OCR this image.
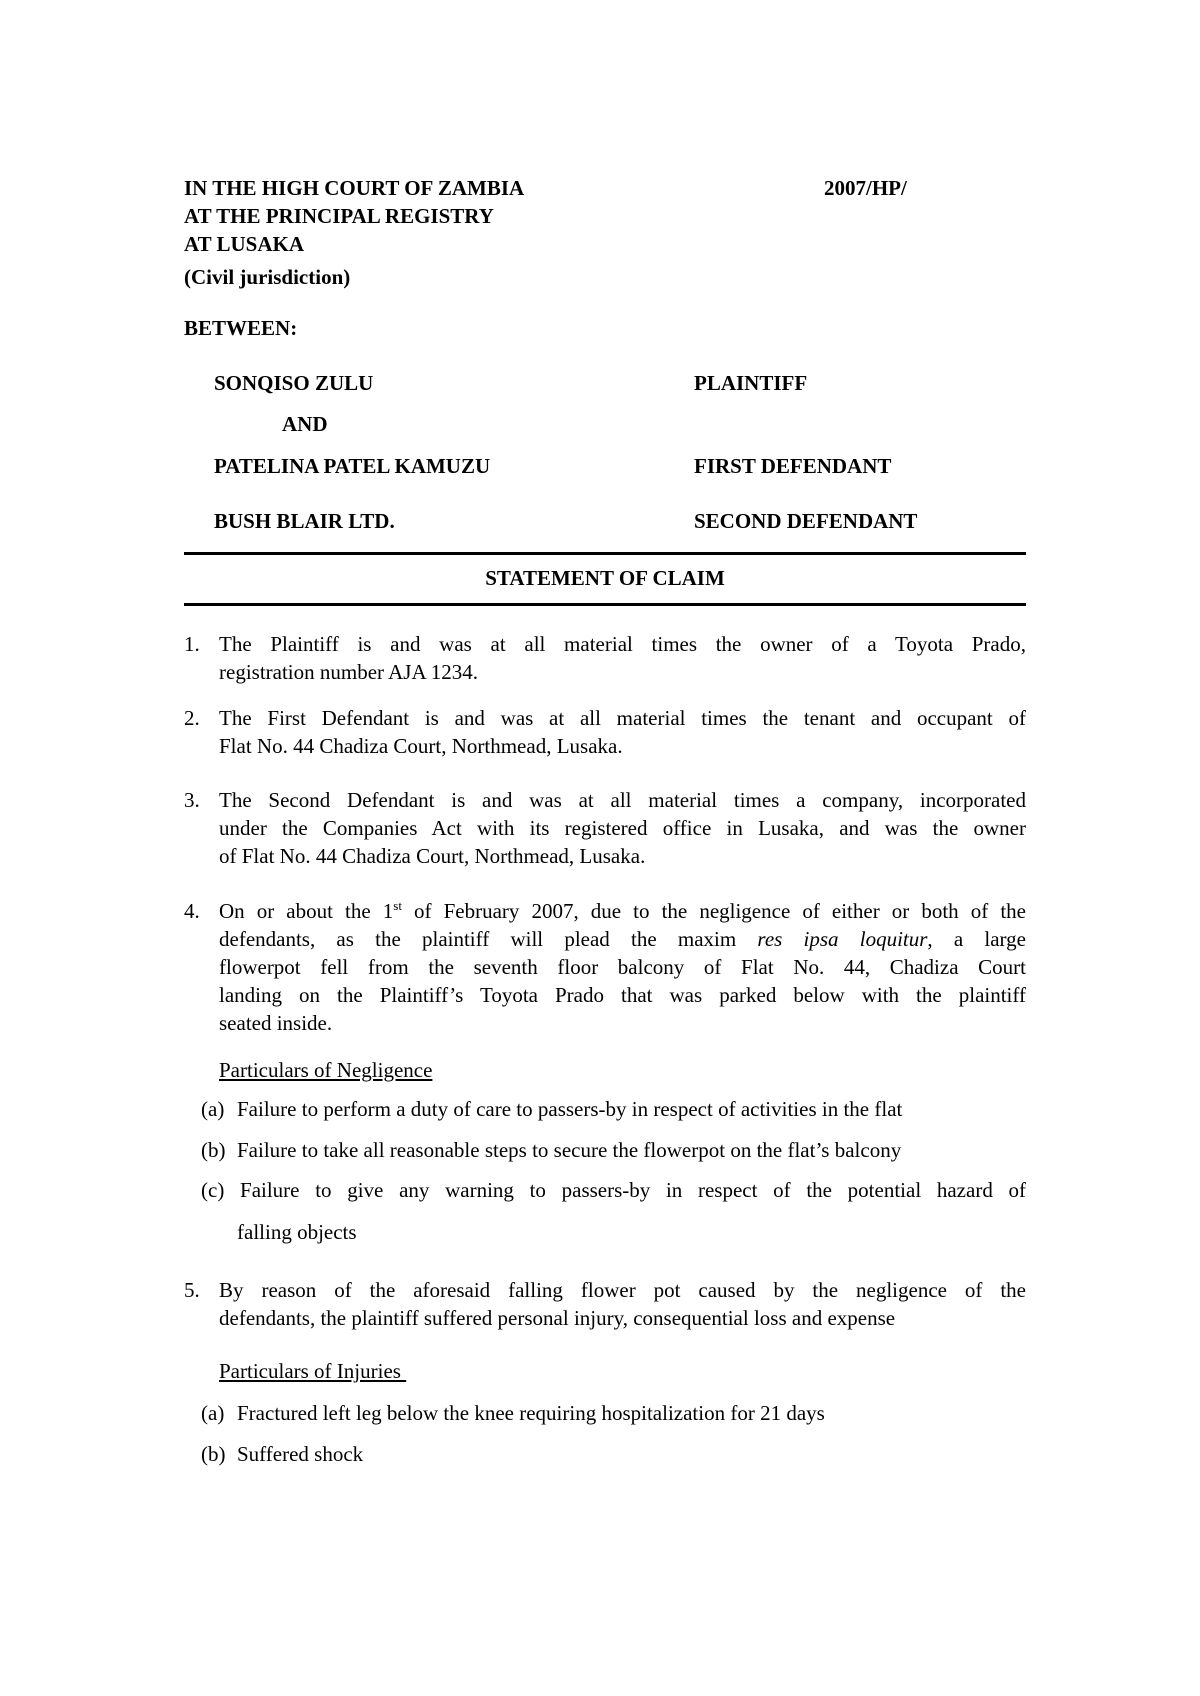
IN THE HIGH COURT OF ZAMBIA	2007/HP/
AT THE PRINCIPAL REGISTRY
AT LUSAKA
(Civil jurisdiction)
BETWEEN:
SONQISO ZULU	PLAINTIFF
AND
PATELINA PATEL KAMUZU	FIRST DEFENDANT
BUSH BLAIR LTD.	SECOND DEFENDANT
STATEMENT OF CLAIM
1. The Plaintiff is and was at all material times the owner of a Toyota Prado,
registration number AJA 1234.
2. The First Defendant is and was at all material times the tenant and occupant of
Flat No. 44 Chadiza Court, Northmead, Lusaka.
3. The Second Defendant is and was at all material times a company, incorporated
under the Companies Act with its registered office in Lusaka, and was the owner
of Flat No. 44 Chadiza Court, Northmead, Lusaka.
4. On or about the 1st of February 2007, due to the negligence of either or both of the
defendants, as the plaintiff will plead the maxim res ipsa loquitur, a large
flowerpot fell from the seventh floor balcony of Flat No. 44, Chadiza Court
landing on the Plaintiff’s Toyota Prado that was parked below with the plaintiff
seated inside.
Particulars of Negligence
(a) Failure to perform a duty of care to passers-by in respect of activities in the flat
(b) Failure to take all reasonable steps to secure the flowerpot on the flat’s balcony
(c) Failure to give any warning to passers-by in respect of the potential hazard of
falling objects
5. By reason of the aforesaid falling flower pot caused by the negligence of the
defendants, the plaintiff suffered personal injury, consequential loss and expense
Particulars of Injuries
(a) Fractured left leg below the knee requiring hospitalization for 21 days
(b) Suffered shock
